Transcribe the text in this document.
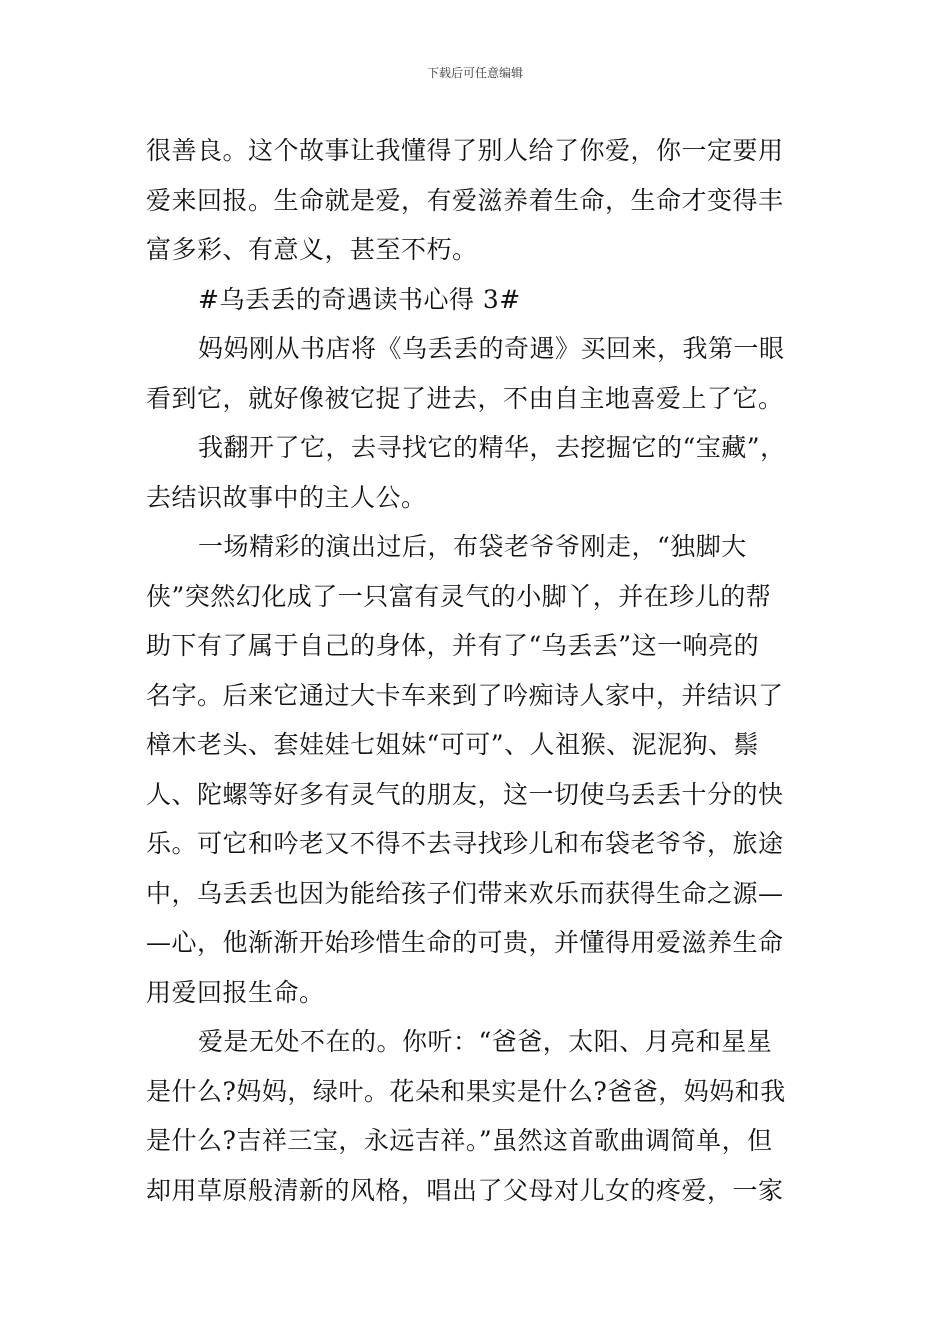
下载后可任意编辑
很善良。这个故事让我懂得了别人给了你爱，你一定要用
爱来回报。生命就是爱，有爱滋养着生命，生命才变得丰
富多彩、有意义，甚至不朽。
#乌丢丢的奇遇读书心得 3#
妈妈刚从书店将《乌丢丢的奇遇》买回来，我第一眼
看到它，就好像被它捉了进去，不由自主地喜爱上了它。
我翻开了它，去寻找它的精华，去挖掘它的“宝藏”，
去结识故事中的主人公。
一场精彩的演出过后，布袋老爷爷刚走，“独脚大
侠”突然幻化成了一只富有灵气的小脚丫，并在珍儿的帮
助下有了属于自己的身体，并有了“乌丢丢”这一响亮的
名字。后来它通过大卡车来到了吟痴诗人家中，并结识了
樟木老头、套娃娃七姐妹“可可”、人祖猴、泥泥狗、鬃
人、陀螺等好多有灵气的朋友，这一切使乌丢丢十分的快
乐。可它和吟老又不得不去寻找珍儿和布袋老爷爷，旅途
中，乌丢丢也因为能给孩子们带来欢乐而获得生命之源—
—心，他渐渐开始珍惜生命的可贵，并懂得用爱滋养生命
用爱回报生命。
爱是无处不在的。你听：“爸爸，太阳、月亮和星星
是什么?妈妈，绿叶。花朵和果实是什么?爸爸，妈妈和我
是什么?吉祥三宝，永远吉祥。”虽然这首歌曲调简单，但
却用草原般清新的风格，唱出了父母对儿女的疼爱，一家
